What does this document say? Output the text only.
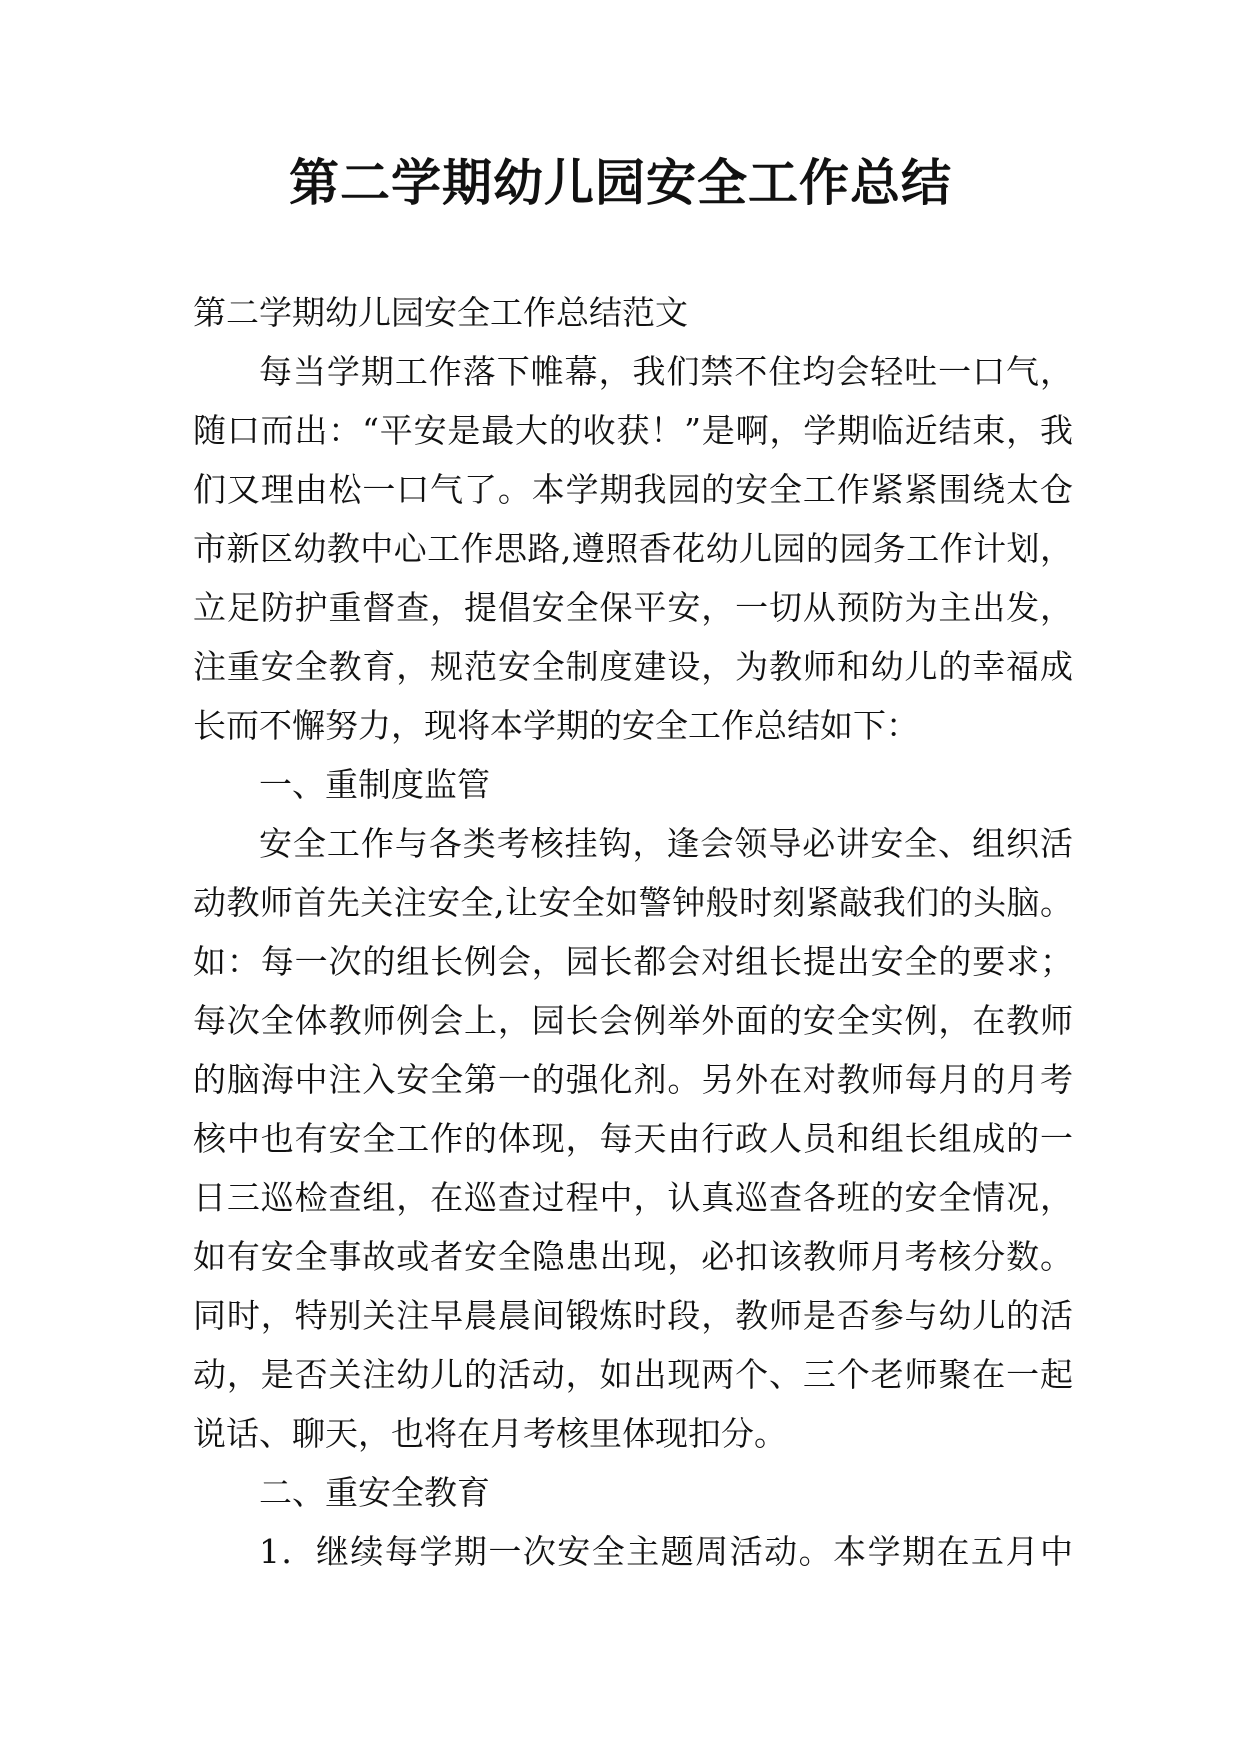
第二学期幼儿园安全工作总结
第二学期幼儿园安全工作总结范文
每当学期工作落下帷幕，我们禁不住均会轻吐一口气，
随口而出：“平安是最大的收获！”是啊，学期临近结束，我
们又理由松一口气了。本学期我园的安全工作紧紧围绕太仓
市新区幼教中心工作思路,遵照香花幼儿园的园务工作计划，
立足防护重督查，提倡安全保平安，一切从预防为主出发，
注重安全教育，规范安全制度建设，为教师和幼儿的幸福成
长而不懈努力，现将本学期的安全工作总结如下：
一、重制度监管
安全工作与各类考核挂钩，逢会领导必讲安全、组织活
动教师首先关注安全,让安全如警钟般时刻紧敲我们的头脑。
如：每一次的组长例会，园长都会对组长提出安全的要求；
每次全体教师例会上，园长会例举外面的安全实例，在教师
的脑海中注入安全第一的强化剂。另外在对教师每月的月考
核中也有安全工作的体现，每天由行政人员和组长组成的一
日三巡检查组，在巡查过程中，认真巡查各班的安全情况，
如有安全事故或者安全隐患出现，必扣该教师月考核分数。
同时，特别关注早晨晨间锻炼时段，教师是否参与幼儿的活
动，是否关注幼儿的活动，如出现两个、三个老师聚在一起
说话、聊天，也将在月考核里体现扣分。
二、重安全教育
1．继续每学期一次安全主题周活动。本学期在五月中
